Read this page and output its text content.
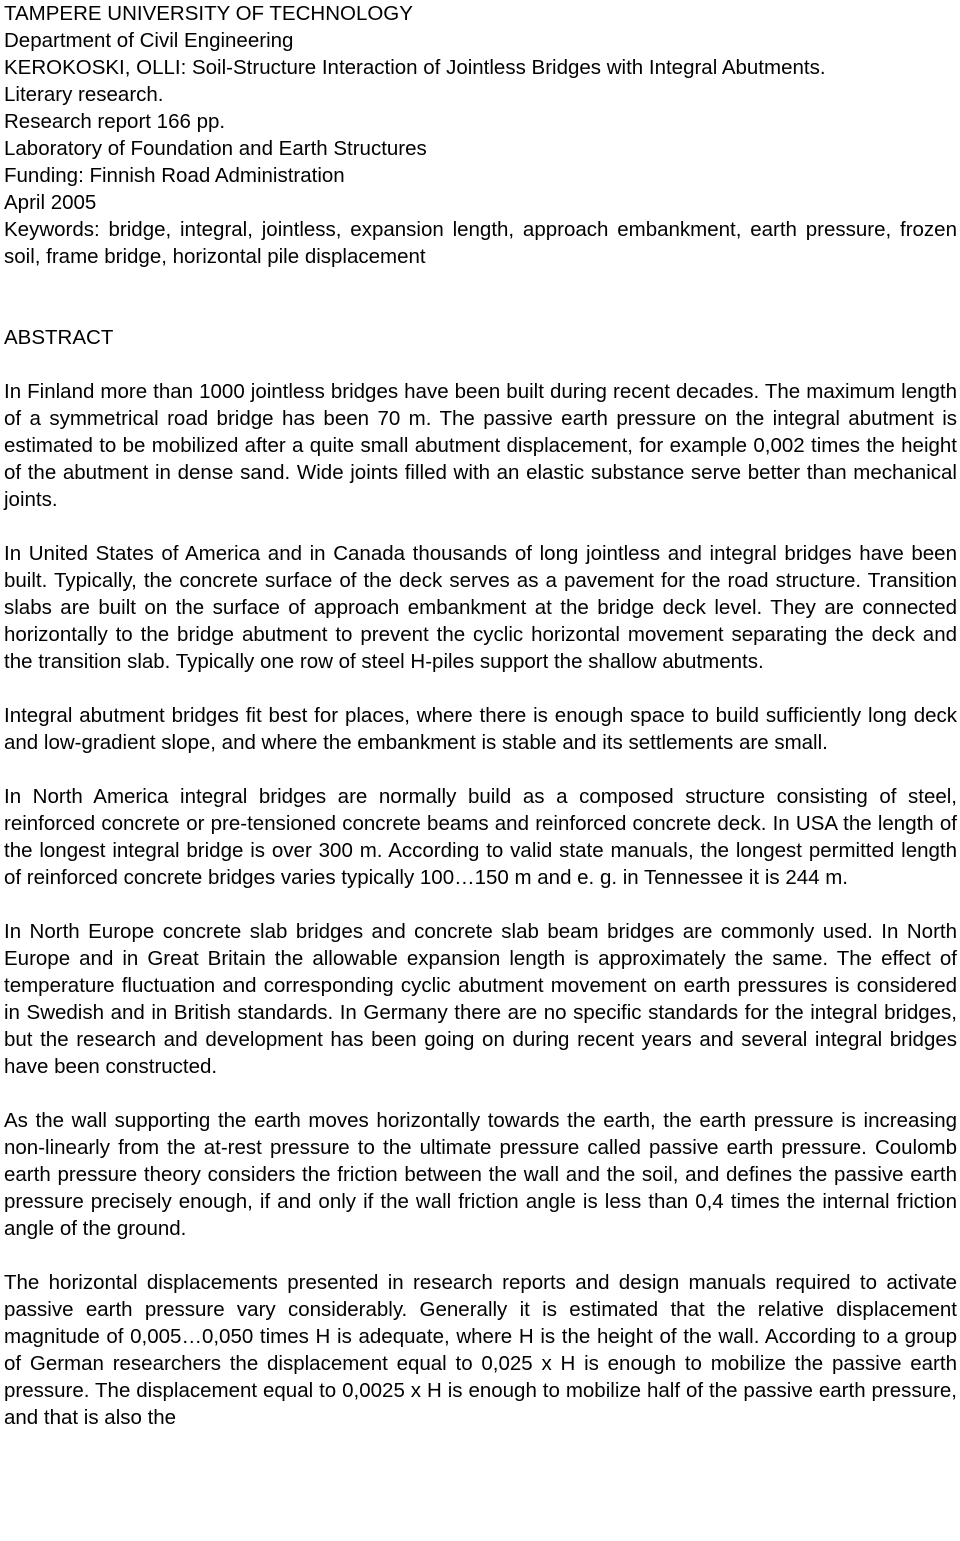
TAMPERE UNIVERSITY OF TECHNOLOGY
Department of Civil Engineering
KEROKOSKI, OLLI: Soil-Structure Interaction of Jointless Bridges with Integral Abutments.
Literary research.
Research report 166 pp.
Laboratory of Foundation and Earth Structures
Funding: Finnish Road Administration
April 2005
Keywords: bridge, integral, jointless, expansion length, approach embankment, earth pressure, frozen soil, frame bridge, horizontal pile displacement
ABSTRACT

In Finland more than 1000 jointless bridges have been built during recent decades. The maximum length of a symmetrical road bridge has been 70 m. The passive earth pressure on the integral abutment is estimated to be mobilized after a quite small abutment displacement, for example 0,002 times the height of the abutment in dense sand. Wide joints filled with an elastic substance serve better than mechanical joints.

In United States of America and in Canada thousands of long jointless and integral bridges have been built. Typically, the concrete surface of the deck serves as a pavement for the road structure. Transition slabs are built on the surface of approach embankment at the bridge deck level. They are connected horizontally to the bridge abutment to prevent the cyclic horizontal movement separating the deck and the transition slab. Typically one row of steel H-piles support the shallow abutments.

Integral abutment bridges fit best for places, where there is enough space to build sufficiently long deck and low-gradient slope, and where the embankment is stable and its settlements are small.

In North America integral bridges are normally build as a composed structure consisting of steel, reinforced concrete or pre-tensioned concrete beams and reinforced concrete deck. In USA the length of the longest integral bridge is over 300 m. According to valid state manuals, the longest permitted length of reinforced concrete bridges varies typically 100…150 m and e. g. in Tennessee it is 244 m.

In North Europe concrete slab bridges and concrete slab beam bridges are commonly used. In North Europe and in Great Britain the allowable expansion length is approximately the same. The effect of temperature fluctuation and corresponding cyclic abutment movement on earth pressures is considered in Swedish and in British standards. In Germany there are no specific standards for the integral bridges, but the research and development has been going on during recent years and several integral bridges have been constructed.

As the wall supporting the earth moves horizontally towards the earth, the earth pressure is increasing non-linearly from the at-rest pressure to the ultimate pressure called passive earth pressure. Coulomb earth pressure theory considers the friction between the wall and the soil, and defines the passive earth pressure precisely enough, if and only if the wall friction angle is less than 0,4 times the internal friction angle of the ground.

The horizontal displacements presented in research reports and design manuals required to activate passive earth pressure vary considerably. Generally it is estimated that the relative displacement magnitude of 0,005…0,050 times H is adequate, where H is the height of the wall. According to a group of German researchers the displacement equal to 0,025 x H is enough to mobilize the passive earth pressure. The displacement equal to 0,0025 x H is enough to mobilize half of the passive earth pressure, and that is also the
